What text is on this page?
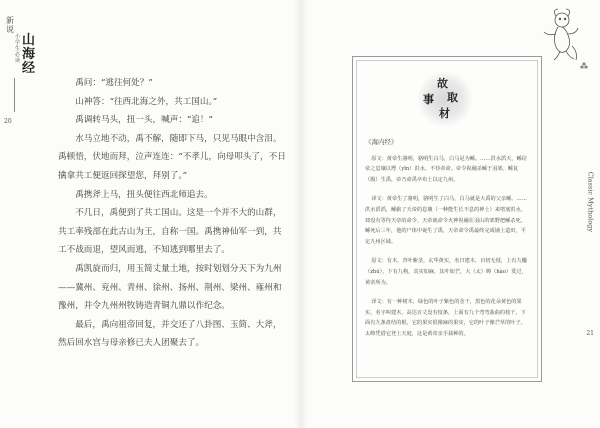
新说
小学生必读
山海经
20

禹问：“逃往何处？”

山神答：“往西北海之外，共工国山。”

禹调转马头，扭一头，喊声：“追！”

水马立地不动，禹不解，随即下马，只见马眼中含泪。禹顿悟，伏地而拜，泣声连连：“不孝儿，向母叩头了，不日擒拿共工便返回探望您，拜别了。”

禹携斧上马，扭头便往西北师追去。

不几日，禹便到了共工国山。这是一个并不大的山群，共工率残部在此古山为王，自称一国。禹携神仙军一到，共工不战而退，望风而逃，不知逃到哪里去了。

禹凯旋而归，用玉简丈量土地，按时划划分天下为九州——冀州、兖州、青州、徐州、扬州、荆州、梁州、雍州和豫州，并令九州州牧铸造青铜九鼎以作纪念。

最后，禹向祖帝回复，并交还了八卦图、玉简、大斧，然后回水宫与母亲修已夫人团聚去了。

⁂
故
事 取
材
《海内经》

原文：黄帝生骆明，骆明生白马，白马是为鲧。……洪水滔天，鲧窃帝之息壤以堙（yīn）洪水，不待帝命。帝令祝融杀鲧于羽郊。鲧复（腹）生禹，帝乃命禹卒布土以定九州。

译文：黄帝生了骆明，骆明生了白马，白马就是大禹的父亲鲧。……洪水滔滔，鲧偷了天帝的息壤（一种能生长不息的神土）来堵塞洪水，却没有等待天帝的命令。天帝就命令火神祝融在羽山的郊野把鲧杀死。鲧死后三年，他的尸体中诞生了禹，天帝命令禹最终完成铺土造田，平定九州区域。

原文：有木，青叶紫茎，玄华黄实，名曰建木，百仞无枝，上有九欘（zhú），下有九枸，其实如麻，其叶如芒，大（太）皞（hào）爰过，黄帝所为。

译文：有一种树木，绿色的叶子紫色的茎干，黑色的花朵黄色的果实，名字叫建木，高达百丈没有枝条，上面有九个弯弯曲曲的枝干，下面有九条盘结的根，它的果实很像麻的果实，它的叶子像芒草的叶子。太皞凭借它登上天庭，这是黄帝亲手栽种的。

Classic Mythology
21
